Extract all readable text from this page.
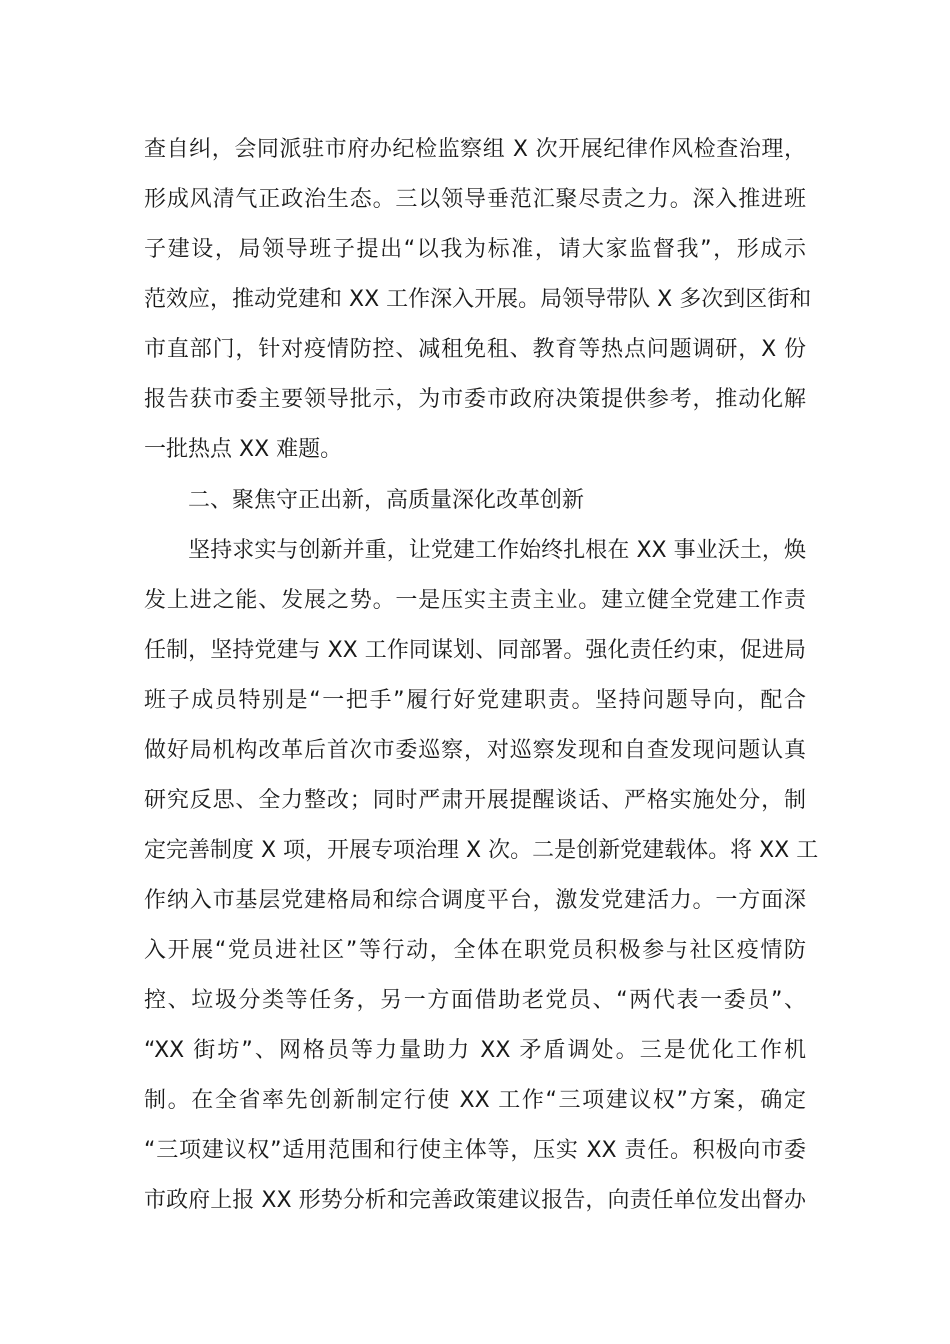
查自纠，会同派驻市府办纪检监察组 X 次开展纪律作风检查治理，
形成风清气正政治生态。三以领导垂范汇聚尽责之力。深入推进班
子建设，局领导班子提出“以我为标准，请大家监督我”，形成示
范效应，推动党建和 XX 工作深入开展。局领导带队 X 多次到区街和
市直部门，针对疫情防控、减租免租、教育等热点问题调研，X 份
报告获市委主要领导批示，为市委市政府决策提供参考，推动化解
一批热点 XX 难题。
　　二、聚焦守正出新，高质量深化改革创新
　　坚持求实与创新并重，让党建工作始终扎根在 XX 事业沃土，焕
发上进之能、发展之势。一是压实主责主业。建立健全党建工作责
任制，坚持党建与 XX 工作同谋划、同部署。强化责任约束，促进局
班子成员特别是“一把手”履行好党建职责。坚持问题导向，配合
做好局机构改革后首次市委巡察，对巡察发现和自查发现问题认真
研究反思、全力整改；同时严肃开展提醒谈话、严格实施处分，制
定完善制度 X 项，开展专项治理 X 次。二是创新党建载体。将 XX 工
作纳入市基层党建格局和综合调度平台，激发党建活力。一方面深
入开展“党员进社区”等行动，全体在职党员积极参与社区疫情防
控、垃圾分类等任务，另一方面借助老党员、“两代表一委员”、
“XX 街坊”、网格员等力量助力 XX 矛盾调处。三是优化工作机
制。在全省率先创新制定行使 XX 工作“三项建议权”方案，确定
“三项建议权”适用范围和行使主体等，压实 XX 责任。积极向市委
市政府上报 XX 形势分析和完善政策建议报告，向责任单位发出督办
